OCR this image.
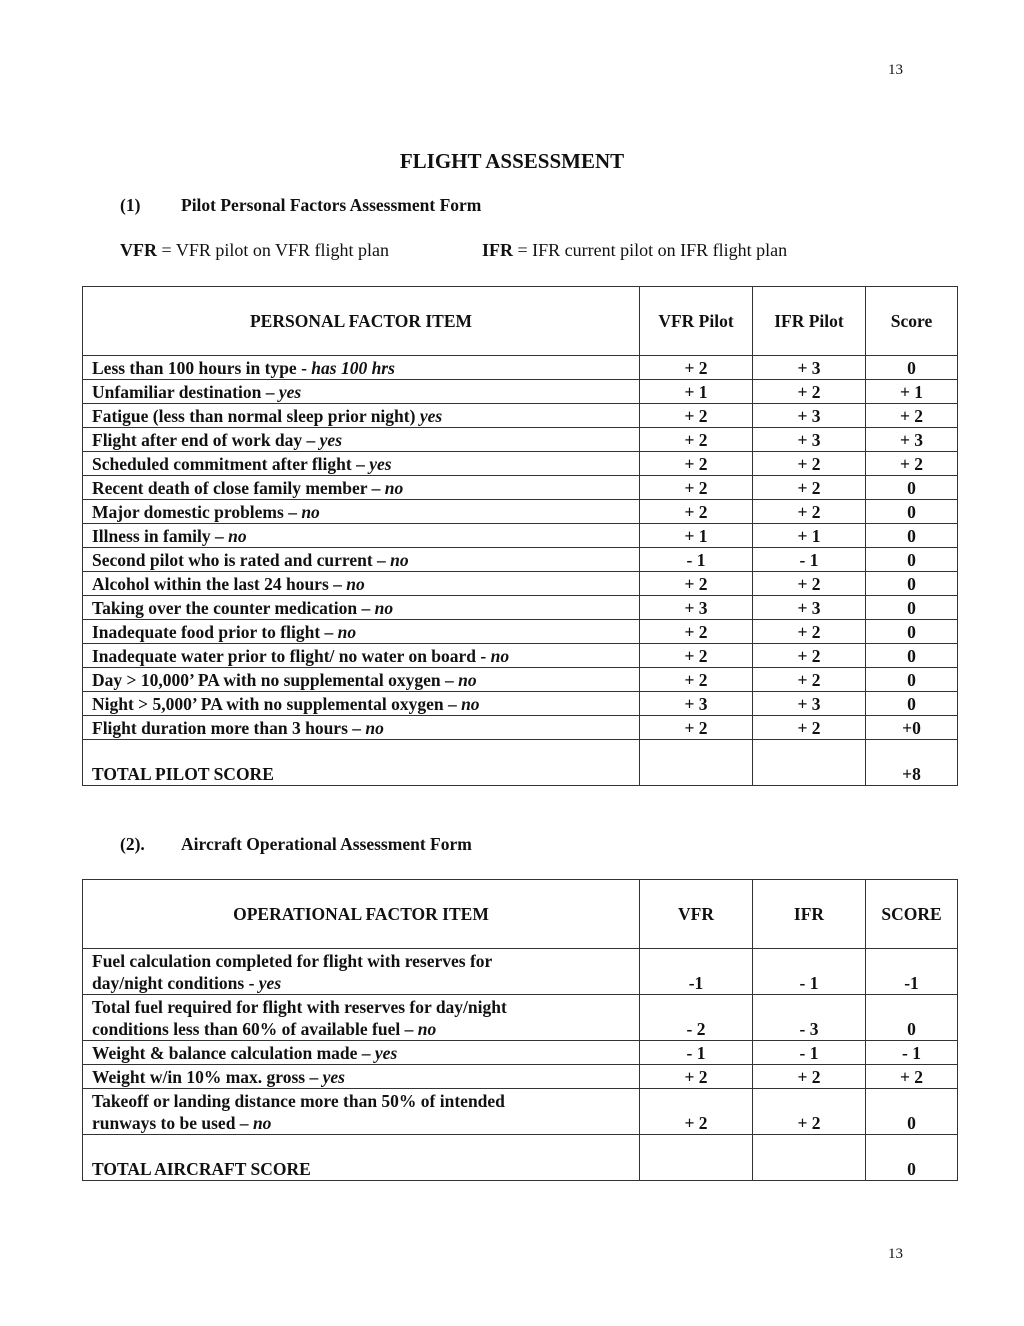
13
FLIGHT ASSESSMENT
(1) Pilot Personal Factors Assessment Form
VFR = VFR pilot on VFR flight plan	IFR = IFR current pilot on IFR flight plan
PERSONAL FACTOR ITEM	VFR Pilot	IFR Pilot	Score
Less than 100 hours in type - has 100 hrs	+ 2	+ 3	0
Unfamiliar destination – yes	+ 1	+ 2	+ 1
Fatigue (less than normal sleep prior night) yes	+ 2	+ 3	+ 2
Flight after end of work day – yes	+ 2	+ 3	+ 3
Scheduled commitment after flight – yes	+ 2	+ 2	+ 2
Recent death of close family member – no	+ 2	+ 2	0
Major domestic problems – no	+ 2	+ 2	0
Illness in family – no	+ 1	+ 1	0
Second pilot who is rated and current – no	- 1	- 1	0
Alcohol within the last 24 hours – no	+ 2	+ 2	0
Taking over the counter medication – no	+ 3	+ 3	0
Inadequate food prior to flight – no	+ 2	+ 2	0
Inadequate water prior to flight/ no water on board - no	+ 2	+ 2	0
Day > 10,000’ PA with no supplemental oxygen – no	+ 2	+ 2	0
Night > 5,000’ PA with no supplemental oxygen – no	+ 3	+ 3	0
Flight duration more than 3 hours – no	+ 2	+ 2	+0
TOTAL PILOT SCORE			+8
(2). Aircraft Operational Assessment Form
OPERATIONAL FACTOR ITEM	VFR	IFR	SCORE

Fuel calculation completed for flight with reserves for
day/night conditions - yes	-1	- 1	-1

Total fuel required for flight with reserves for day/night
conditions less than 60% of available fuel – no	- 2	- 3	0

Weight & balance calculation made – yes	- 1	- 1	- 1

Weight w/in 10% max. gross – yes	+ 2	+ 2	+ 2

Takeoff or landing distance more than 50% of intended
runways to be used – no	+ 2	+ 2	0
TOTAL AIRCRAFT SCORE			0
13
